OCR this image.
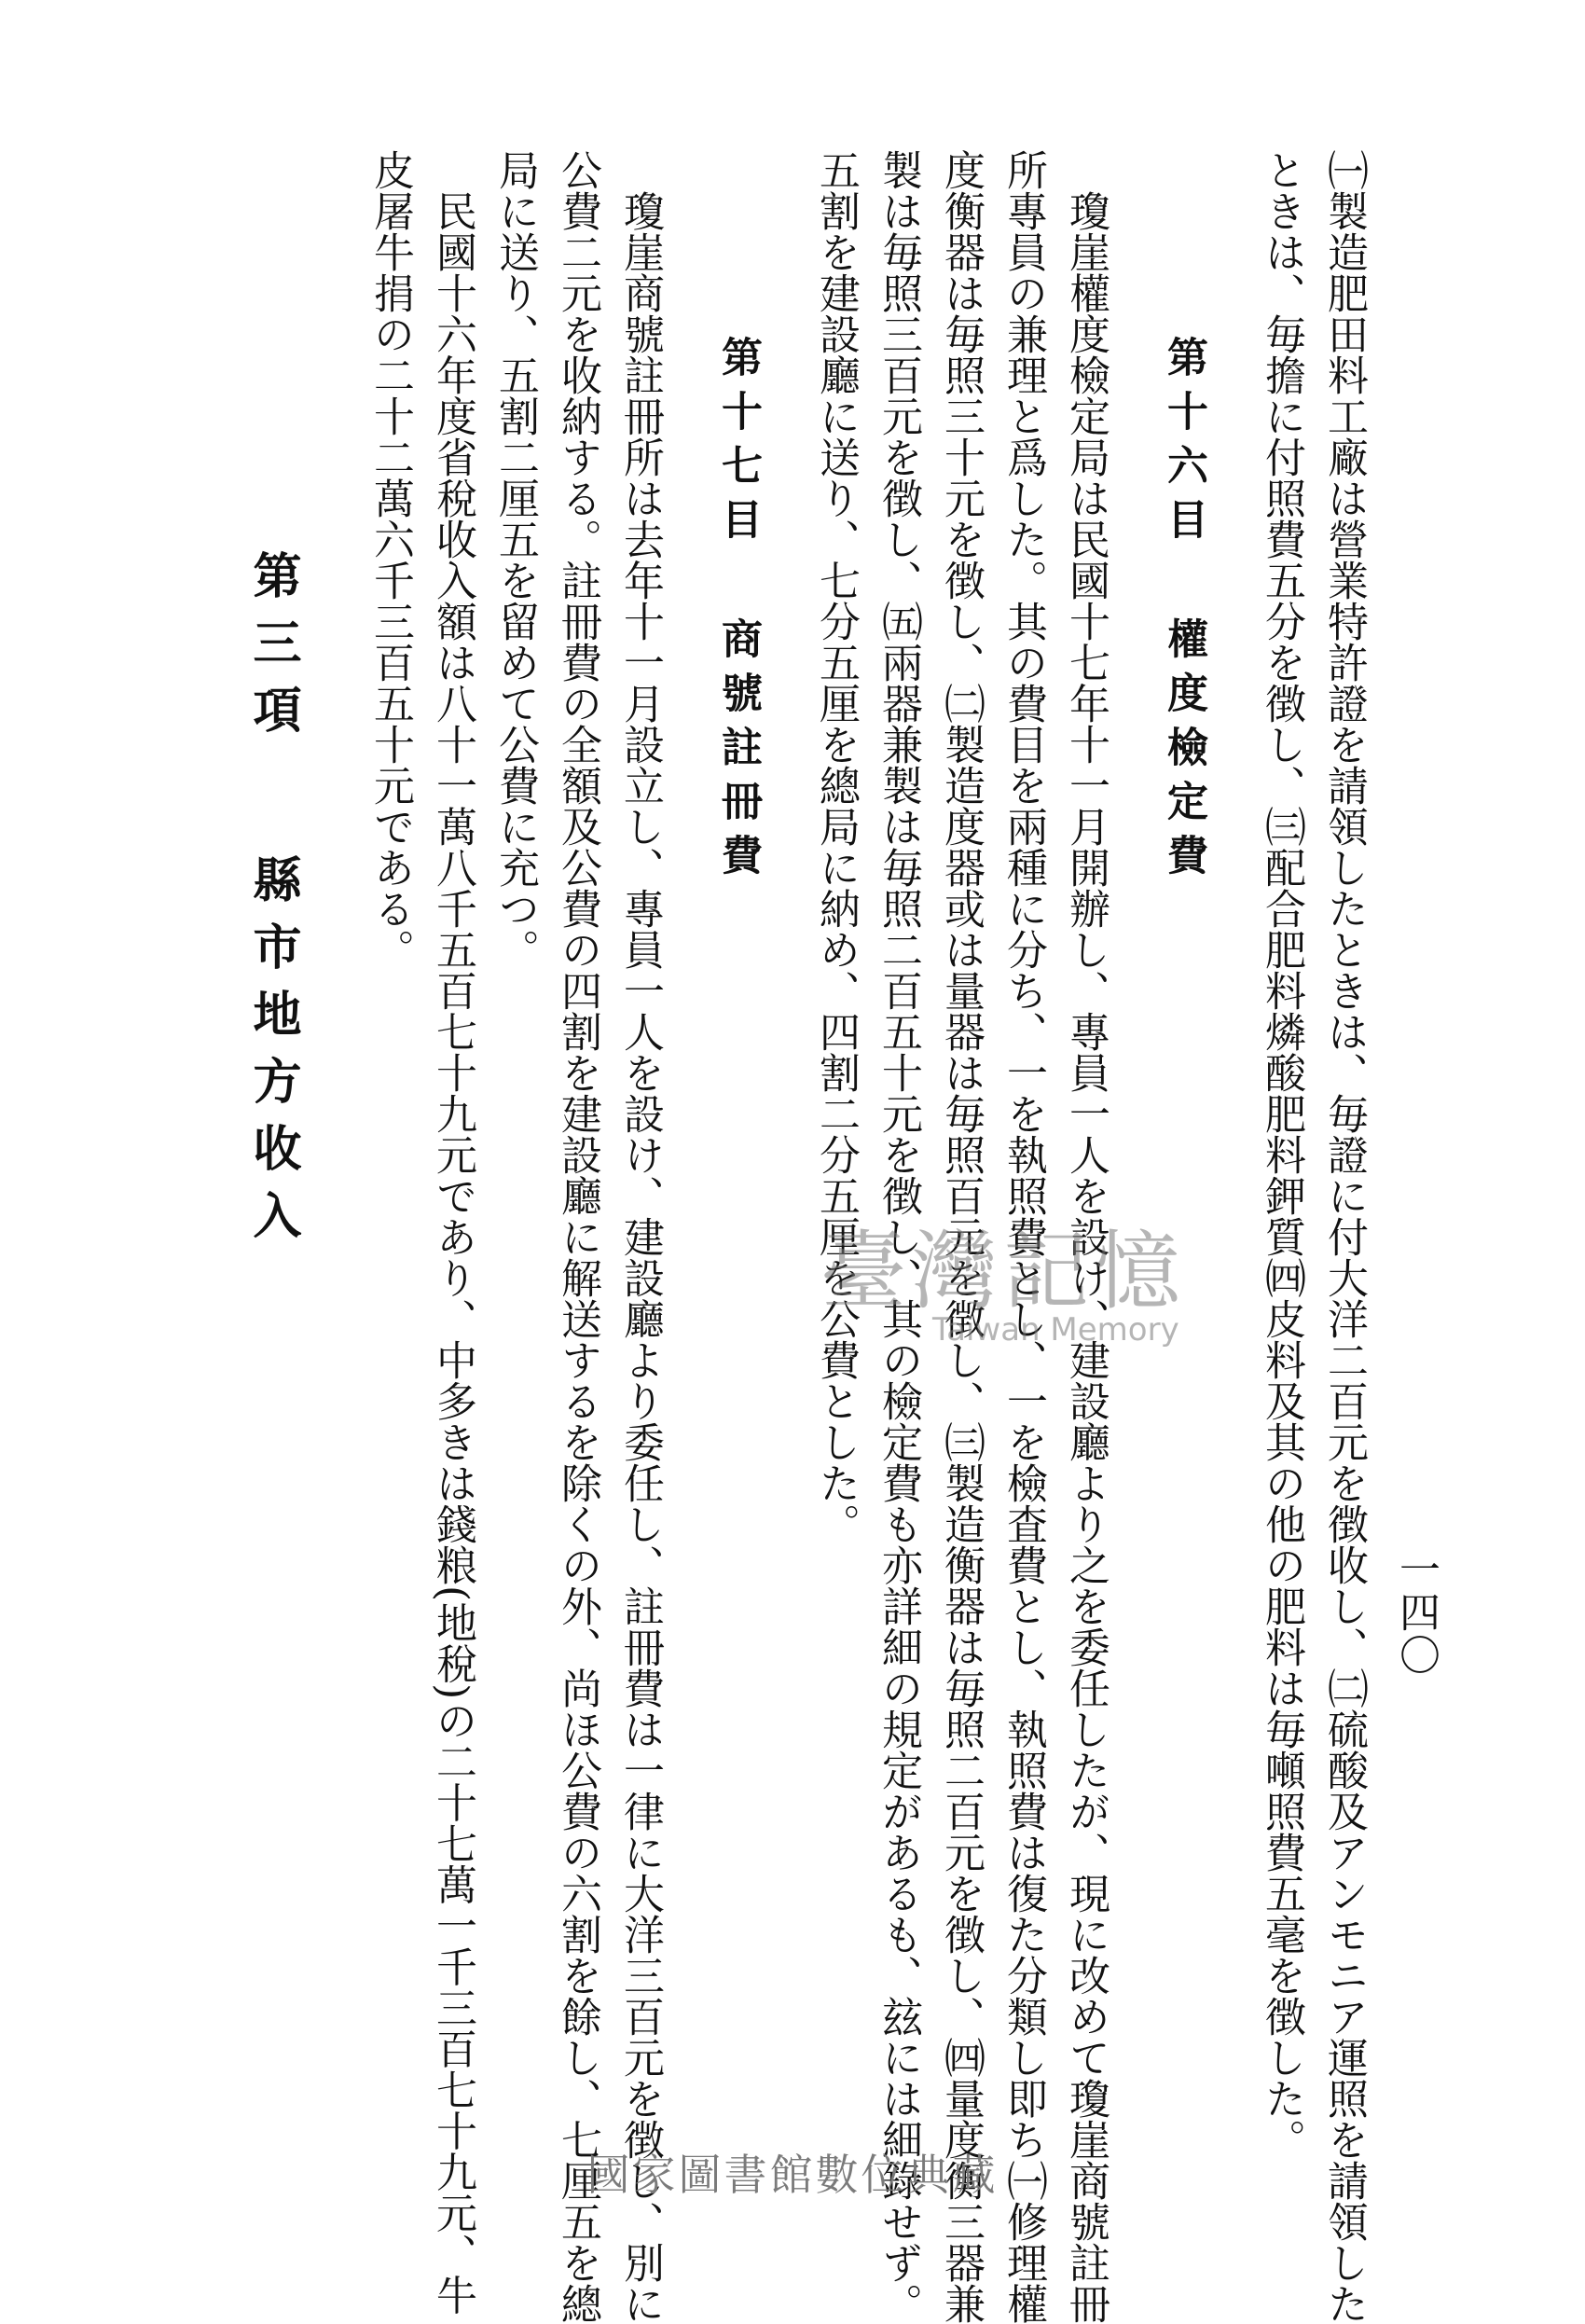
一四〇
㈠製造肥田料工廠は營業特許證を請領したときは、毎證に付大洋二百元を徴收し、㈡硫酸及アンモニア運照を請領した
ときは、毎擔に付照費五分を徴し、㈢配合肥料燐酸肥料鉀質㈣皮料及其の他の肥料は毎噸照費五毫を徴した。
第十六目權度檢定費
瓊崖權度檢定局は民國十七年十一月開辦し、專員一人を設け、建設廳より之を委任したが、現に改めて瓊崖商號註冊
所專員の兼理と爲した。其の費目を兩種に分ち、一を執照費とし、一を檢査費とし、執照費は復た分類し即ち㈠修理權
度衡器は毎照三十元を徴し、㈡製造度器或は量器は毎照百元を徴し、㈢製造衡器は毎照二百元を徴し、㈣量度衡三器兼
製は毎照三百元を徴し、㈤兩器兼製は毎照二百五十元を徴し、其の檢定費も亦詳細の規定があるも、玆には細錄せず。
五割を建設廳に送り、七分五厘を總局に納め、四割二分五厘を公費とした。
第十七目商號註冊費
瓊崖商號註冊所は去年十一月設立し、專員一人を設け、建設廳より委任し、註冊費は一律に大洋三百元を徴し、別に
公費二元を收納する。註冊費の全額及公費の四割を建設廳に解送するを除くの外、尚ほ公費の六割を餘し、七厘五を總
局に送り、五割二厘五を留めて公費に充つ。
民國十六年度省稅收入額は八十一萬八千五百七十九元であり、中多きは錢粮(地稅)の二十七萬一千三百七十九元、牛
皮屠牛捐の二十二萬六千三百五十元である。
第三項縣市地方收入
臺灣記憶
Taiwan Memory
國家圖書館數位典藏
